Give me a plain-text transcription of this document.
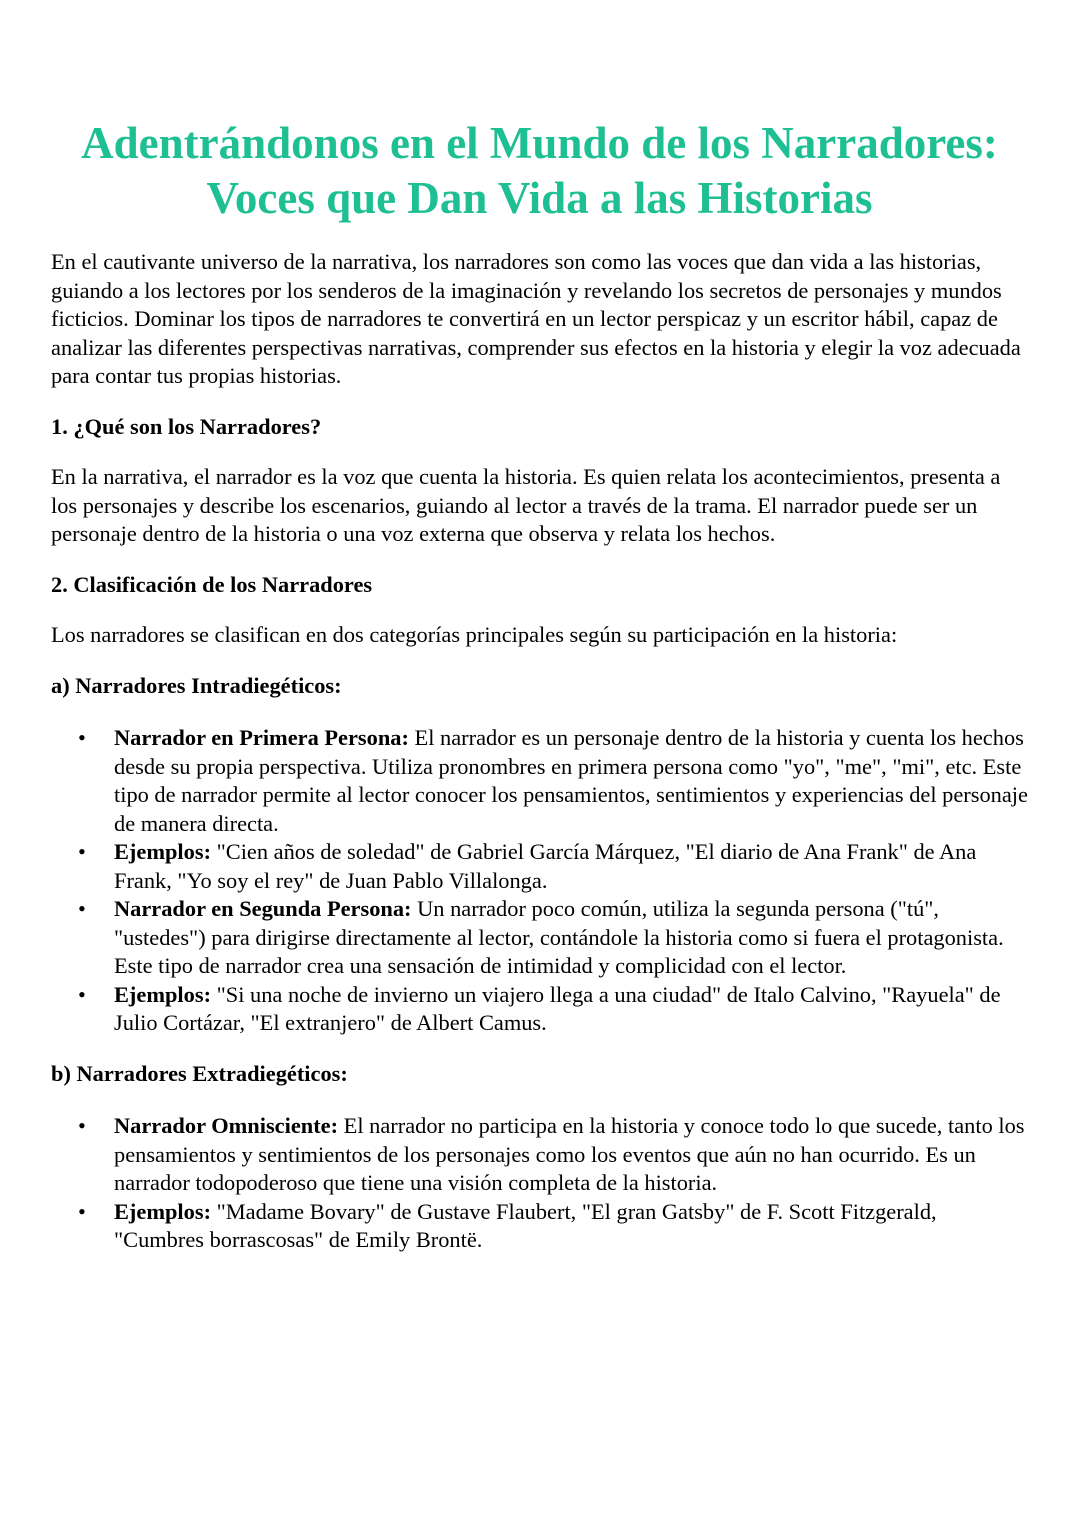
Adentrándonos en el Mundo de los Narradores:
Voces que Dan Vida a las Historias

En el cautivante universo de la narrativa, los narradores son como las voces que dan vida a las historias, guiando a los lectores por los senderos de la imaginación y revelando los secretos de personajes y mundos ficticios. Dominar los tipos de narradores te convertirá en un lector perspicaz y un escritor hábil, capaz de analizar las diferentes perspectivas narrativas, comprender sus efectos en la historia y elegir la voz adecuada para contar tus propias historias.

1. ¿Qué son los Narradores?

En la narrativa, el narrador es la voz que cuenta la historia. Es quien relata los acontecimientos, presenta a los personajes y describe los escenarios, guiando al lector a través de la trama. El narrador puede ser un personaje dentro de la historia o una voz externa que observa y relata los hechos.

2. Clasificación de los Narradores

Los narradores se clasifican en dos categorías principales según su participación en la historia:

a) Narradores Intradiegéticos:
• Narrador en Primera Persona: El narrador es un personaje dentro de la historia y cuenta los hechos desde su propia perspectiva. Utiliza pronombres en primera persona como "yo", "me", "mi", etc. Este tipo de narrador permite al lector conocer los pensamientos, sentimientos y experiencias del personaje de manera directa.
• Ejemplos: "Cien años de soledad" de Gabriel García Márquez, "El diario de Ana Frank" de Ana Frank, "Yo soy el rey" de Juan Pablo Villalonga.
• Narrador en Segunda Persona: Un narrador poco común, utiliza la segunda persona ("tú", "ustedes") para dirigirse directamente al lector, contándole la historia como si fuera el protagonista. Este tipo de narrador crea una sensación de intimidad y complicidad con el lector.
• Ejemplos: "Si una noche de invierno un viajero llega a una ciudad" de Italo Calvino, "Rayuela" de Julio Cortázar, "El extranjero" de Albert Camus.
b) Narradores Extradiegéticos:
• Narrador Omnisciente: El narrador no participa en la historia y conoce todo lo que sucede, tanto los pensamientos y sentimientos de los personajes como los eventos que aún no han ocurrido. Es un narrador todopoderoso que tiene una visión completa de la historia.
• Ejemplos: "Madame Bovary" de Gustave Flaubert, "El gran Gatsby" de F. Scott Fitzgerald, "Cumbres borrascosas" de Emily Brontë.
